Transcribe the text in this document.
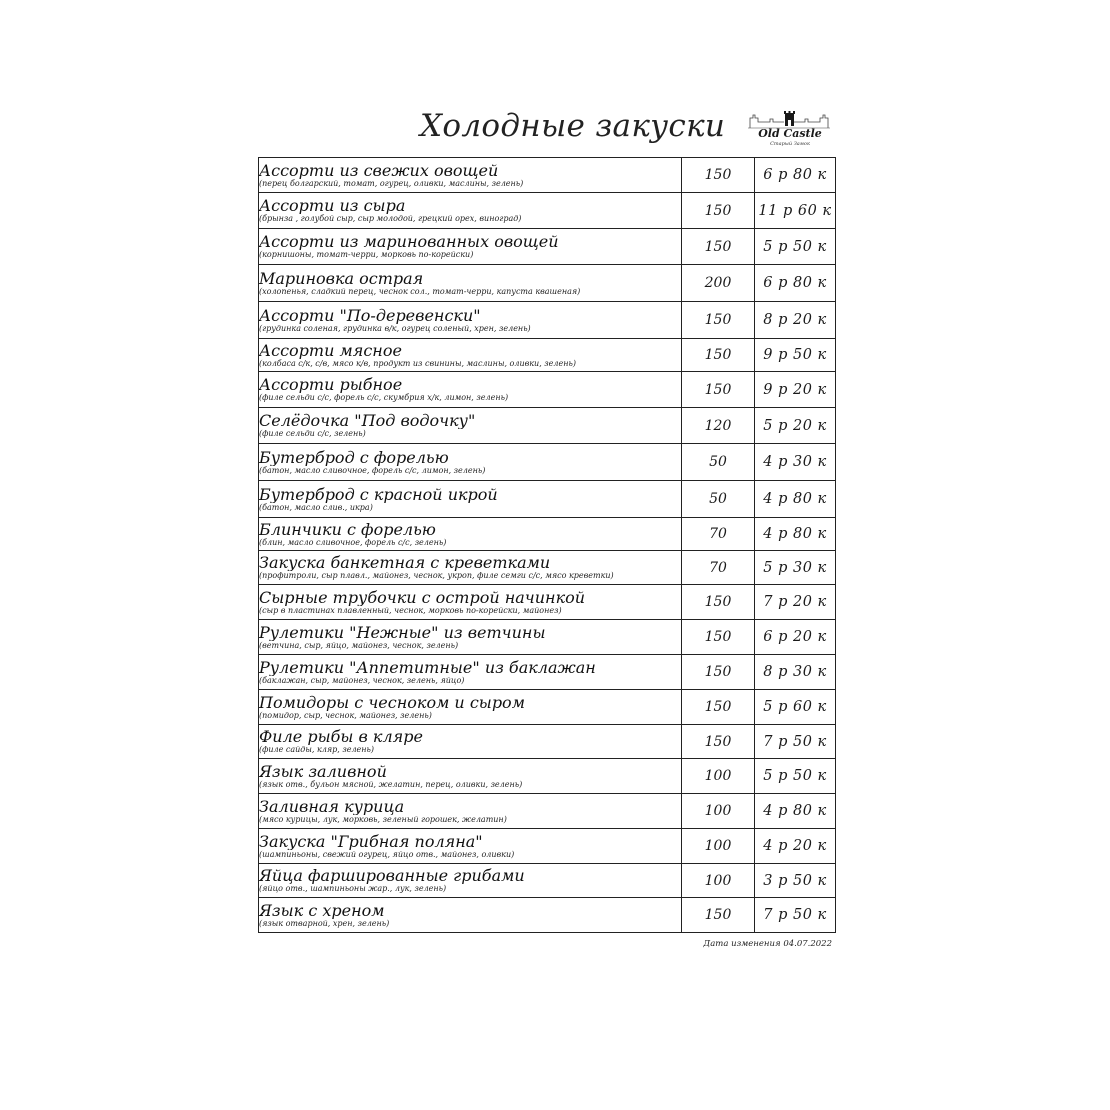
Холодные закуски	Old Castle
Старый Замок
Ассорти из свежих овощей
(перец болгарский, томат, огурец, оливки, маслины, зелень)	150	6 р 80 к

Ассорти из сыра
(брынза , голубой сыр, сыр молодой, грецкий орех, виноград)	150	11 р 60 к

Ассорти из маринованных овощей
(корнишоны, томат-черри, морковь по-корейски)	150	5 р 50 к

Мариновка острая
(холопенья, сладкий перец, чеснок сол., томат-черри, капуста квашеная)	200	6 р 80 к

Ассорти "По-деревенски"
(грудинка соленая, грудинка в/к, огурец соленый, хрен, зелень)	150	8 р 20 к

Ассорти мясное
(колбаса с/к, с/в, мясо к/в, продукт из свинины, маслины, оливки, зелень)	150	9 р 50 к

Ассорти рыбное
(филе сельди с/с, форель с/с, скумбрия х/к, лимон, зелень)	150	9 р 20 к

Селёдочка "Под водочку"
(филе сельди с/с, зелень)	120	5 р 20 к

Бутерброд с форелью
(батон, масло сливочное, форель с/с, лимон, зелень)	50	4 р 30 к

Бутерброд с красной икрой
(батон, масло слив., икра)	50	4 р 80 к

Блинчики с форелью
(блин, масло сливочное, форель с/с, зелень)	70	4 р 80 к

Закуска банкетная с креветками
(профитроли, сыр плавл., майонез, чеснок, укроп, филе семги с/с, мясо креветки)	70	5 р 30 к

Сырные трубочки с острой начинкой
(сыр в пластинах плавленный, чеснок, морковь по-корейски, майонез)	150	7 р 20 к

Рулетики "Нежные" из ветчины
(ветчина, сыр, яйцо, майонез, чеснок, зелень)	150	6 р 20 к

Рулетики "Аппетитные" из баклажан
(баклажан, сыр, майонез, чеснок, зелень, яйцо)	150	8 р 30 к

Помидоры с чесноком и сыром
(помидор, сыр, чеснок, майонез, зелень)	150	5 р 60 к

Филе рыбы в кляре
(филе сайды, кляр, зелень)	150	7 р 50 к

Язык заливной
(язык отв., бульон мясной, желатин, перец, оливки, зелень)	100	5 р 50 к

Заливная курица
(мясо курицы, лук, морковь, зеленый горошек, желатин)	100	4 р 80 к

Закуска "Грибная поляна"
(шампиньоны, свежий огурец, яйцо отв., майонез, оливки)	100	4 р 20 к

Яйца фаршированные грибами
(яйцо отв., шампиньоны жар., лук, зелень)	100	3 р 50 к

Язык с хреном
(язык отварной, хрен, зелень)	150	7 р 50 к
Дата изменения 04.07.2022
